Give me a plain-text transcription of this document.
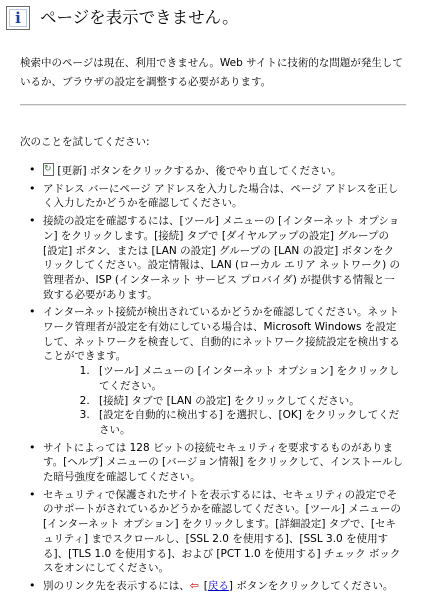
i ページを表示できません。
検索中のページは現在、利用できません。Web サイトに技術的な問題が発生しているか、ブラウザの設定を調整する必要があります。
次のことを試してください:
↻ • [更新] ボタンをクリックするか、後でやり直してください。
• アドレス バーにページ アドレスを入力した場合は、ページ アドレスを正しく入力したかどうかを確認してください。
• 接続の設定を確認するには、[ツール] メニューの [インターネット オプション] をクリックします。[接続] タブで [ダイヤルアップの設定] グループの [設定] ボタン、または [LAN の設定] グループの [LAN の設定] ボタンをクリックしてください。設定情報は、LAN (ローカル エリア ネットワーク) の管理者か、ISP (インターネット サービス プロバイダ) が提供する情報と一致する必要があります。
• インターネット接続が検出されているかどうかを確認してください。ネットワーク管理者が設定を有効にしている場合は、Microsoft Windows を設定して、ネットワークを検査して、自動的にネットワーク接続設定を検出することができます。
1. [ツール] メニューの [インターネット オプション] をクリックしてください。
2. [接続] タブで [LAN の設定] をクリックしてください。
3. [設定を自動的に検出する] を選択し、[OK] をクリックしてください。
• サイトによっては 128 ビットの接続セキュリティを要求するものがあります。[ヘルプ] メニューの [バージョン情報] をクリックして、インストールした暗号強度を確認してください。
• セキュリティで保護されたサイトを表示するには、セキュリティの設定でそのサポートがされているかどうかを確認してください。[ツール] メニューの [インターネット オプション] をクリックします。[詳細設定] タブで、[セキュリティ] までスクロールし、[SSL 2.0 を使用する]、[SSL 3.0 を使用する]、[TLS 1.0 を使用する]、および [PCT 1.0 を使用する] チェック ボックスをオンにしてください。
• 別のリンク先を表示するには、⇦ [戻る] ボタンをクリックしてください。
